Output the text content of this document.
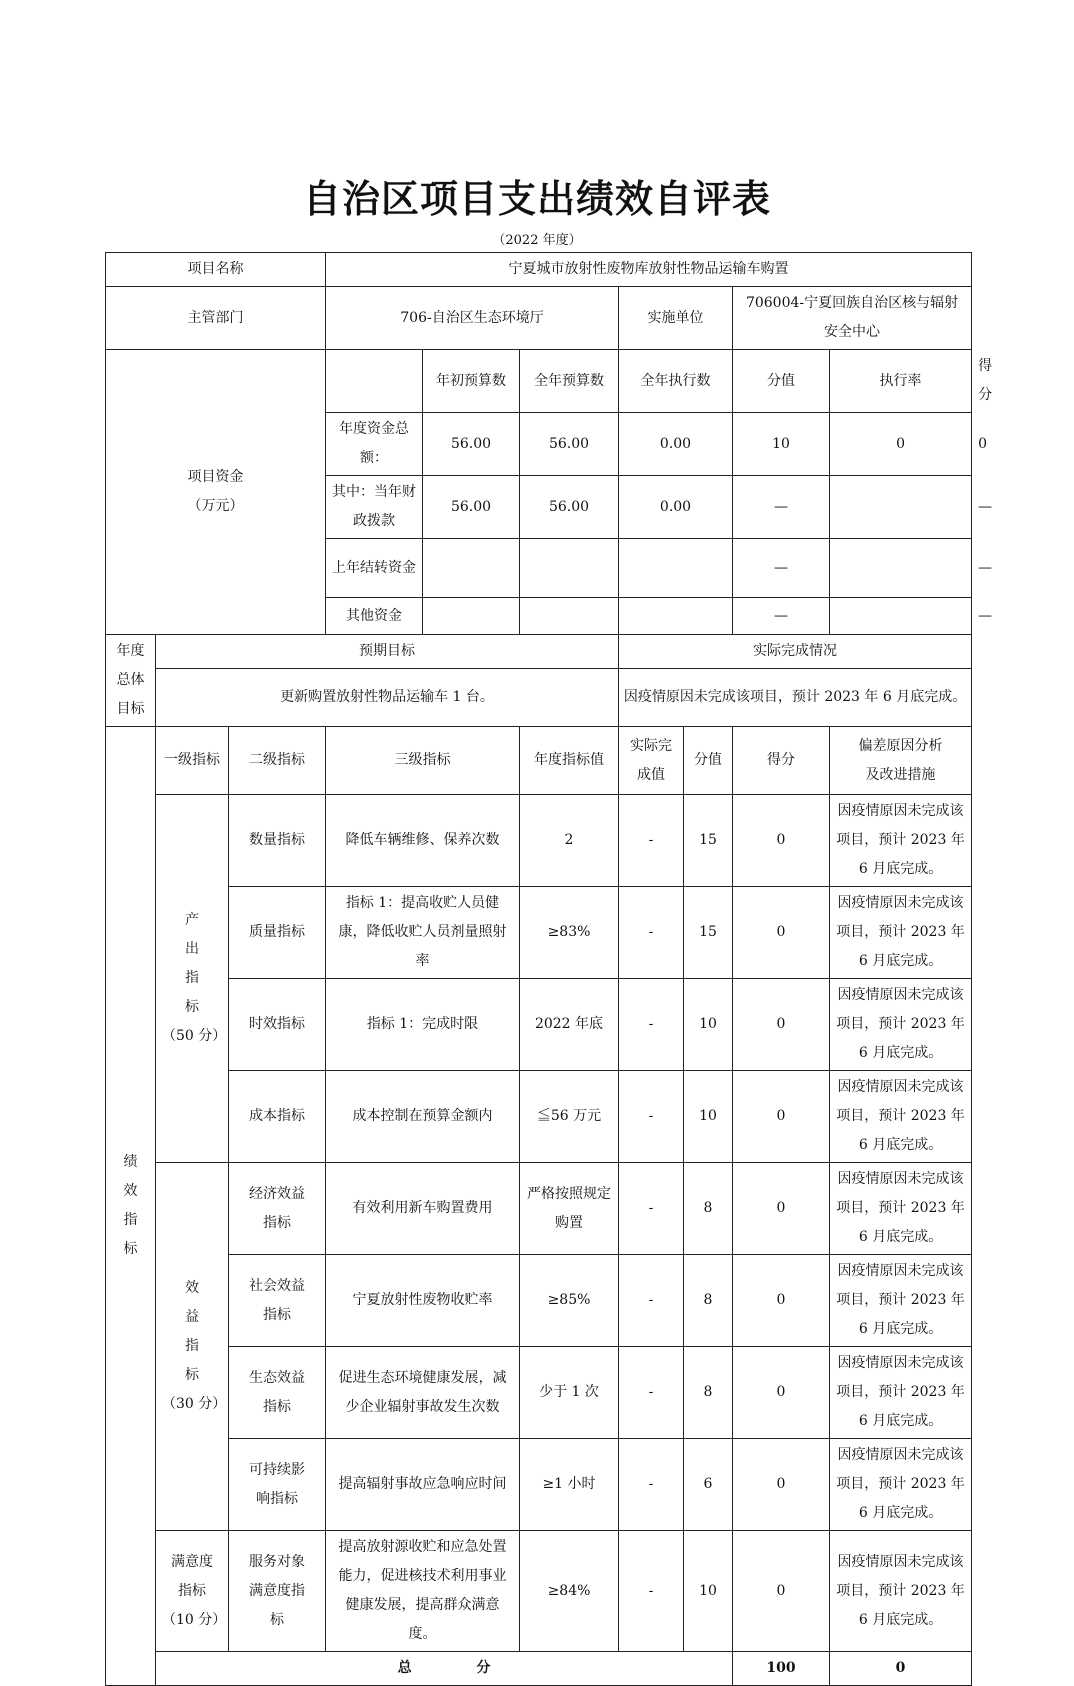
自治区项目支出绩效自评表
（2022 年度）
项目名称			宁夏城市放射性废物库放射性物品运输车购置							
主管部门			706-自治区生态环境厅			实施单位		706004-宁夏回族自治区核与辐射安全中心		

项目资金
（万元）				年初预算数	全年预算数	全年执行数		分值	执行率	得分
			年度资金总额：	56.00	56.00	0.00		10	0	0
			其中：当年财政拨款	56.00	56.00	0.00		—		—
			上年结转资金					—		—
			其他资金					—		—

年度
总体
目标	预期目标					实际完成情况				
	更新购置放射性物品运输车 1 台。					因疫情原因未完成该项目，预计 2023 年 6 月底完成。				

绩
效
指
标	一级指标	二级指标	三级指标		年度指标值	实际完成值	分值	得分	偏差原因分析及改进措施	

	产
出
指
标
（50 分）	数量指标	降低车辆维修、保养次数		2	-	15	0	因疫情原因未完成该项目，预计 2023 年 6 月底完成。	
		质量指标	指标 1：提高收贮人员健康，降低收贮人员剂量照射率		≥83%	-	15	0	因疫情原因未完成该项目，预计 2023 年 6 月底完成。	
		时效指标	指标 1：完成时限		2022 年底	-	10	0	因疫情原因未完成该项目，预计 2023 年 6 月底完成。	
		成本指标	成本控制在预算金额内		≦56 万元	-	10	0	因疫情原因未完成该项目，预计 2023 年 6 月底完成。	

	效
益
指
标
（30 分）	经济效益指标	有效利用新车购置费用		严格按照规定购置	-	8	0	因疫情原因未完成该项目，预计 2023 年 6 月底完成。	
		社会效益指标	宁夏放射性废物收贮率		≥85%	-	8	0	因疫情原因未完成该项目，预计 2023 年 6 月底完成。	
		生态效益指标	促进生态环境健康发展，减少企业辐射事故发生次数		少于 1 次	-	8	0	因疫情原因未完成该项目，预计 2023 年 6 月底完成。	
		可持续影响指标	提高辐射事故应急响应时间		≥1 小时	-	6	0	因疫情原因未完成该项目，预计 2023 年 6 月底完成。	

	满意度
指标
（10 分）	服务对象满意度指标	提高放射源收贮和应急处置能力，促进核技术利用事业健康发展，提高群众满意度。		≥84%	-	10	0	因疫情原因未完成该项目，预计 2023 年 6 月底完成。	
	总 分							100	0	
